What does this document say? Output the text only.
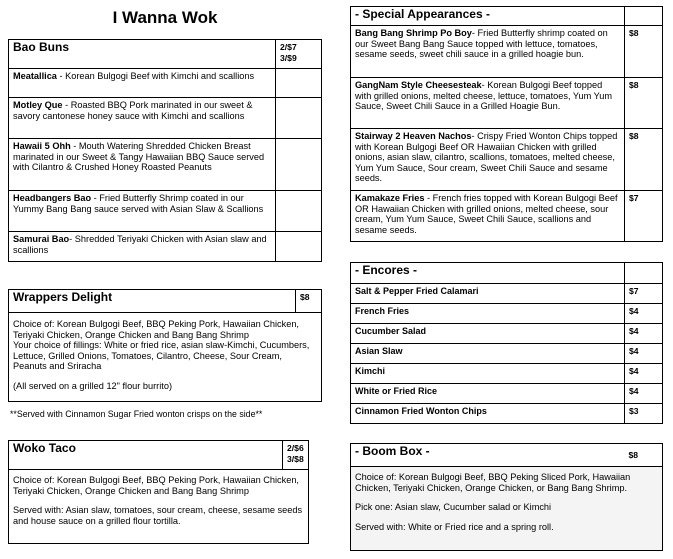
I Wanna Wok
Bao Buns	2/$7
3/$9

Meatallica - Korean Bulgogi Beef with Kimchi and scallions	
Motley Que - Roasted BBQ Pork marinated in our sweet & savory cantonese honey sauce with Kimchi and scallions	
Hawaii 5 Ohh - Mouth Watering Shredded Chicken Breast marinated in our Sweet & Tangy Hawaiian BBQ Sauce served with Cilantro & Crushed Honey Roasted Peanuts	
Headbangers Bao - Fried Butterfly Shrimp coated in our Yummy Bang Bang sauce served with Asian Slaw & Scallions	
Samurai Bao- Shredded Teriyaki Chicken with Asian slaw and scallions	
Wrappers Delight	$8

Choice of: Korean Bulgogi Beef, BBQ Peking Pork, Hawaiian Chicken, Teriyaki Chicken, Orange Chicken and Bang Bang Shrimp
Your choice of fillings: White or fried rice, asian slaw-Kimchi, Cucumbers, Lettuce, Grilled Onions, Tomatoes, Cilantro, Cheese, Sour Cream, Peanuts and Sriracha
(All served on a grilled 12" flour burrito)
**Served with Cinnamon Sugar Fried wonton crisps on the side**
Woko Taco	2/$6
3/$8

Choice of: Korean Bulgogi Beef, BBQ Peking Pork, Hawaiian Chicken, Teriyaki Chicken, Orange Chicken and Bang Bang Shrimp
Served with: Asian slaw, tomatoes, sour cream, cheese, sesame seeds and house sauce on a grilled flour tortilla.
- Special Appearances -	
Bang Bang Shrimp Po Boy- Fried Butterfly shrimp coated on our Sweet Bang Bang Sauce topped with lettuce, tomatoes, sesame seeds, sweet chili sauce in a grilled hoagie bun.	$8
GangNam Style Cheesesteak- Korean Bulgogi Beef topped with grilled onions, melted cheese, lettuce, tomatoes, Yum Yum Sauce, Sweet Chili Sauce in a Grilled Hoagie Bun.	$8
Stairway 2 Heaven Nachos- Crispy Fried Wonton Chips topped with Korean Bulgogi Beef OR Hawaiian Chicken with grilled onions, asian slaw, cilantro, scallions, tomatoes, melted cheese, Yum Yum Sauce, Sour cream, Sweet Chili Sauce and sesame seeds.	$8
Kamakaze Fries - French fries topped with Korean Bulgogi Beef OR Hawaiian Chicken with grilled onions, melted cheese, sour cream, Yum Yum Sauce, Sweet Chili Sauce, scallions and sesame seeds.	$7
- Encores -	
Salt & Pepper Fried Calamari	$7
French Fries	$4
Cucumber Salad	$4
Asian Slaw	$4
Kimchi	$4
White or Fried Rice	$4
Cinnamon Fried Wonton Chips	$3
- Boom Box -	$8

Choice of: Korean Bulgogi Beef, BBQ Peking Sliced Pork, Hawaiian Chicken, Teriyaki Chicken, Orange Chicken, or Bang Bang Shrimp.
Pick one: Asian slaw, Cucumber salad or Kimchi
Served with: White or Fried rice and a spring roll.
